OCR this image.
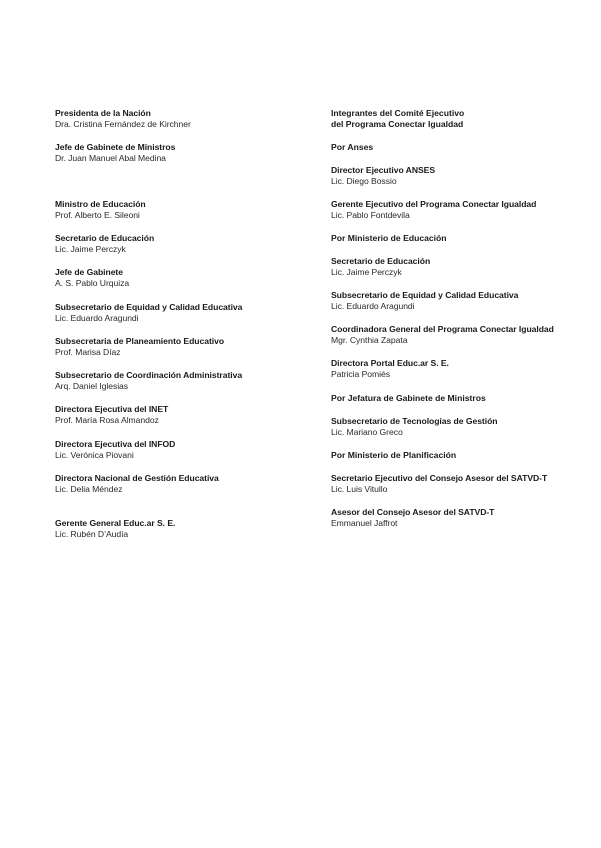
Presidenta de la Nación
Dra. Cristina Fernández de Kirchner
Jefe de Gabinete de Ministros
Dr. Juan Manuel Abal Medina
Ministro de Educación
Prof. Alberto E. Sileoni
Secretario de Educación
Lic. Jaime Perczyk
Jefe de Gabinete
A. S. Pablo Urquiza
Subsecretario de Equidad y Calidad Educativa
Lic. Eduardo Aragundi
Subsecretaria de Planeamiento Educativo
Prof. Marisa Díaz
Subsecretario de Coordinación Administrativa
Arq. Daniel Iglesias
Directora Ejecutiva del INET
Prof. María Rosa Almandoz
Directora Ejecutiva del INFOD
Lic. Verónica Piovani
Directora Nacional de Gestión Educativa
Lic. Delia Méndez
Gerente General Educ.ar S. E.
Lic. Rubén D’Audía
Integrantes del Comité Ejecutivo
del Programa Conectar Igualdad
Por Anses
Director Ejecutivo ANSES
Lic. Diego Bossio
Gerente Ejecutivo del Programa Conectar Igualdad
Lic. Pablo Fontdevila
Por Ministerio de Educación
Secretario de Educación
Lic. Jaime Perczyk
Subsecretario de Equidad y Calidad Educativa
Lic. Eduardo Aragundi
Coordinadora General del Programa Conectar Igualdad
Mgr. Cynthia Zapata
Directora Portal Educ.ar S. E.
Patricia Pomiés
Por Jefatura de Gabinete de Ministros
Subsecretario de Tecnologías de Gestión
Lic. Mariano Greco
Por Ministerio de Planificación
Secretario Ejecutivo del Consejo Asesor del SATVD-T
Lic. Luis Vitullo
Asesor del Consejo Asesor del SATVD-T
Emmanuel Jaffrot
